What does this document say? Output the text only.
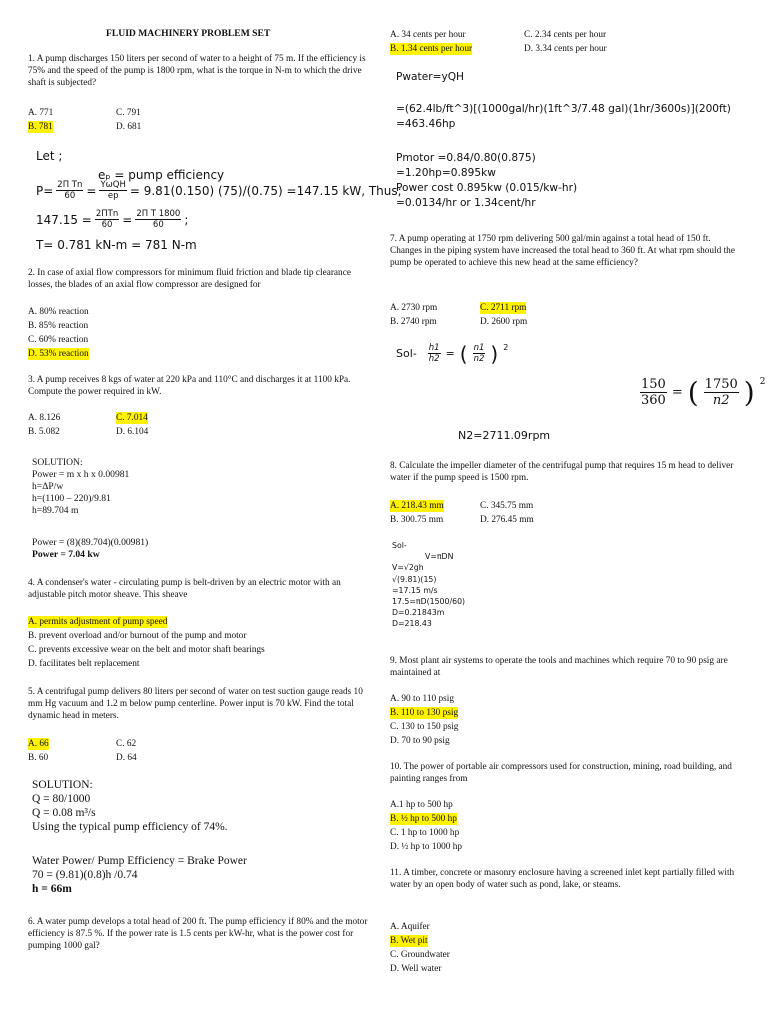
FLUID MACHINERY PROBLEM SET
1. A pump discharges 150 liters per second of water to a height of 75 m. If the efficiency is 75% and the speed of the pump is 1800 rpm, what is the torque in N-m to which the drive shaft is subjected?
A. 771
B. 781
C. 791
D. 681
Let ;
eₚ = pump efficiency
$P= \frac{\text{2Π Tn}}{60} = \frac{\text{YωQH}}{ep} = 9.81(0.150)$ (75)/(0.75) =147.15 kW, Thus;
$147.15 = \frac{\text{2ΠTn}}{60} = \frac{\text{2Π T 1800}}{60}$ ;
T= 0.781 kN-m = 781 N-m
2. In case of axial flow compressors for minimum fluid friction and blade tip clearance losses, the blades of an axial flow compressor are designed for
A. 80% reaction
B. 85% reaction
C. 60% reaction
D. 53% reaction
3. A pump receives 8 kgs of water at 220 kPa and 110°C and discharges it at 1100 kPa. Compute the power required in kW.
A. 8.126
B. 5.082
C. 7.014
D. 6.104
SOLUTION:
Power = m x h x 0.00981
h=ΔP/w
h=(1100 – 220)/9.81
h=89.704 m
Power = (8)(89.704)(0.00981)
Power = 7.04 kw
4. A condenser's water - circulating pump is belt-driven by an electric motor with an adjustable pitch motor sheave. This sheave
A. permits adjustment of pump speed
B. prevent overload and/or burnout of the pump and motor
C. prevents excessive wear on the belt and motor shaft bearings
D. facilitates belt replacement
5. A centrifugal pump delivers 80 liters per second of water on test suction gauge reads 10 mm Hg vacuum and 1.2 m below pump centerline. Power input is 70 kW. Find the total dynamic head in meters.
A. 66
B. 60
C. 62
D. 64
SOLUTION:
Q = 80/1000
Q = 0.08 m³/s
Using the typical pump efficiency of 74%.
Water Power/ Pump Efficiency = Brake Power
70 = (9.81)(0.8)h /0.74
h = 66m
6. A water pump develops a total head of 200 ft. The pump efficiency if 80% and the motor efficiency is 87.5 %. If the power rate is 1.5 cents per kW-hr, what is the power cost for pumping 1000 gal?
A. 34 cents per hour
B. 1.34 cents per hour
C. 2.34 cents per hour
D. 3.34 cents per hour
Pwater=yQH
=(62.4lb/ft^3)[(1000gal/hr)(1ft^3/7.48 gal)(1hr/3600s)](200ft)
=463.46hp
Pmotor =0.84/0.80(0.875)
=1.20hp=0.895kw
Power cost 0.895kw (0.015/kw-hr)
=0.0134/hr or 1.34cent/hr
7. A pump operating at 1750 rpm delivering 500 gal/min against a total head of 150 ft. Changes in the piping system have increased the total head to 360 ft. At what rpm should the pump be operated to achieve this new head at the same efficiency?
A. 2730 rpm
B. 2740 rpm
C. 2711 rpm
D. 2600 rpm
$Sol- \frac{h1}{h2}$ = ( $\frac{n1}{n2}$ ) $^2$
$\frac{150}{360}$ = ( $\frac{1750}{n2}$ ) $^2$
N2=2711.09rpm
8. Calculate the impeller diameter of the centrifugal pump that requires 15 m head to deliver water if the pump speed is 1500 rpm.
A. 218.43 mm
B. 300.75 mm
C. 345.75 mm
D. 276.45 mm
Sol-
V=πDN
V=√2gh
√(9.81)(15)
=17.15 m/s
17.5=πD(1500/60)
D=0.21843m
D=218.43
9. Most plant air systems to operate the tools and machines which require 70 to 90 psig are maintained at
A. 90 to 110 psig
B. 110 to 130 psig
C. 130 to 150 psig
D. 70 to 90 psig
10. The power of portable air compressors used for construction, mining, road building, and painting ranges from
A.1 hp to 500 hp
B. ½ hp to 500 hp
C. 1 hp to 1000 hp
D. ½ hp to 1000 hp
11. A timber, concrete or masonry enclosure having a screened inlet kept partially filled with water by an open body of water such as pond, lake, or steams.
A. Aquifer
B. Wet pit
C. Groundwater
D. Well water
